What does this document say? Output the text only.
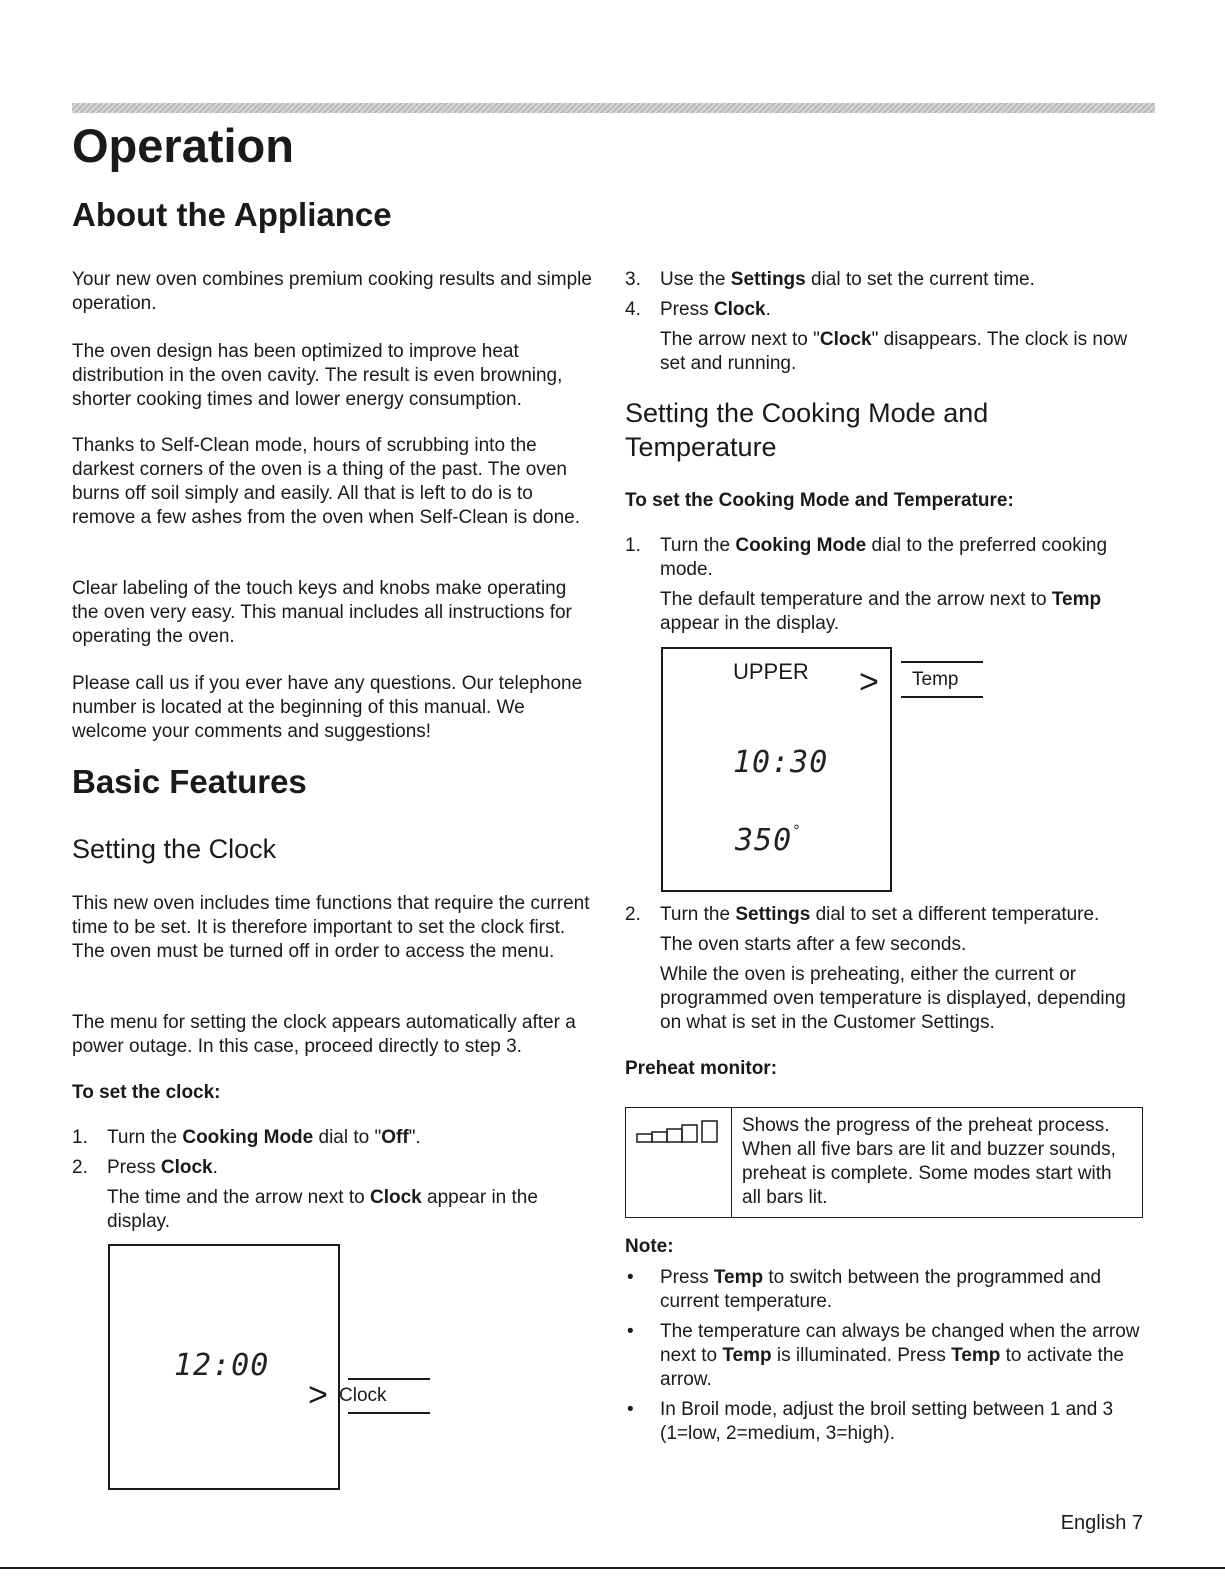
Operation
About the Appliance

Your new oven combines premium cooking results and simple operation.

The oven design has been optimized to improve heat distribution in the oven cavity. The result is even browning, shorter cooking times and lower energy consumption.

Thanks to Self-Clean mode, hours of scrubbing into the darkest corners of the oven is a thing of the past. The oven burns off soil simply and easily. All that is left to do is to remove a few ashes from the oven when Self-Clean is done.

Clear labeling of the touch keys and knobs make operating the oven very easy. This manual includes all instructions for operating the oven.

Please call us if you ever have any questions. Our telephone number is located at the beginning of this manual. We welcome your comments and suggestions!

Basic Features
Setting the Clock

This new oven includes time functions that require the current time to be set. It is therefore important to set the clock first. The oven must be turned off in order to access the menu.

The menu for setting the clock appears automatically after a power outage. In this case, proceed directly to step 3.

To set the clock:

1. Turn the Cooking Mode dial to "Off".
2. Press Clock.
The time and the arrow next to Clock appear in the display.
12:00
> Clock
3. Use the Settings dial to set the current time.
4. Press Clock.
The arrow next to "Clock" disappears. The clock is now set and running.
Setting the Cooking Mode and Temperature

To set the Cooking Mode and Temperature:

1. Turn the Cooking Mode dial to the preferred cooking mode.
The default temperature and the arrow next to Temp appear in the display.
UPPER >
10:30
350°
Temp
2. Turn the Settings dial to set a different temperature.
The oven starts after a few seconds.
While the oven is preheating, either the current or programmed oven temperature is displayed, depending on what is set in the Customer Settings.

Preheat monitor:

Shows the progress of the preheat process. When all five bars are lit and buzzer sounds, preheat is complete. Some modes start with all bars lit.

Note:

• Press Temp to switch between the programmed and current temperature.
• The temperature can always be changed when the arrow next to Temp is illuminated. Press Temp to activate the arrow.
• In Broil mode, adjust the broil setting between 1 and 3 (1=low, 2=medium, 3=high).
English 7
